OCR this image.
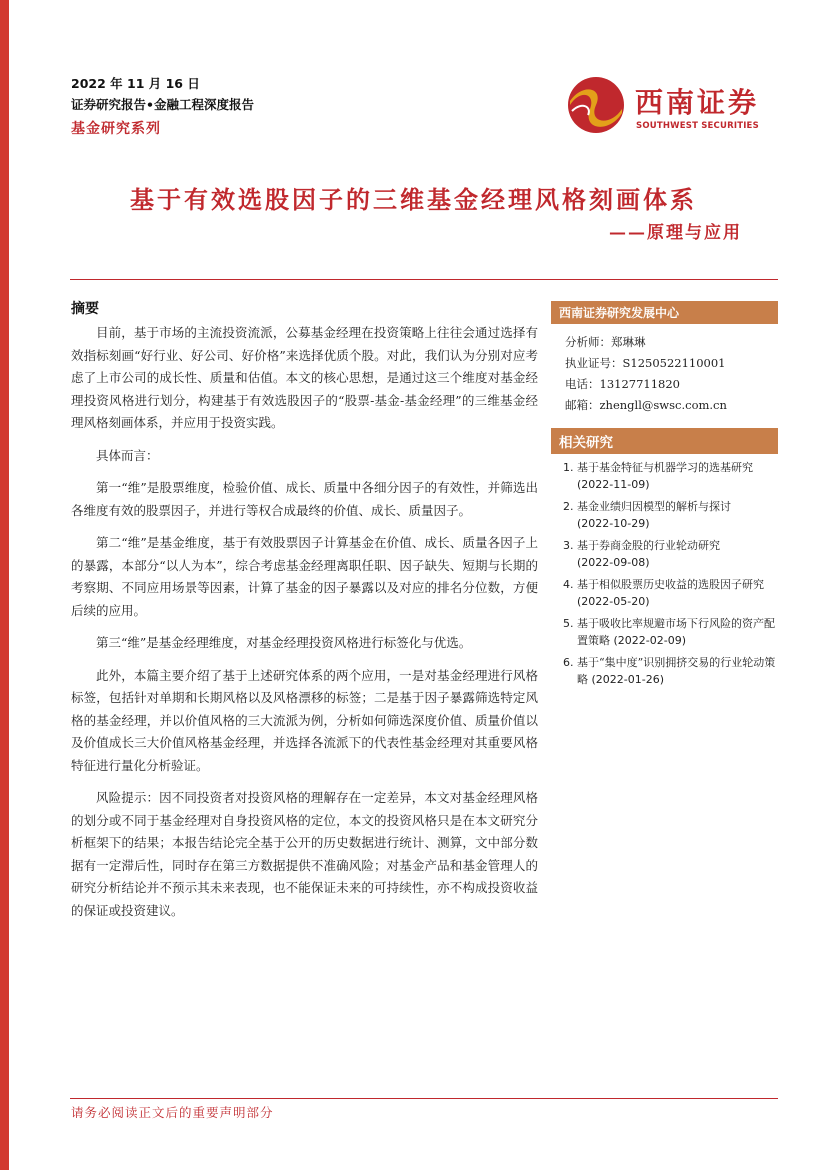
2022 年 11 月 16 日
证券研究报告•金融工程深度报告
基金研究系列
西南证券
SOUTHWEST SECURITIES
基于有效选股因子的三维基金经理风格刻画体系
——原理与应用
摘要

目前，基于市场的主流投资流派，公募基金经理在投资策略上往往会通过选择有效指标刻画“好行业、好公司、好价格”来选择优质个股。对此，我们认为分别对应考虑了上市公司的成长性、质量和估值。本文的核心思想，是通过这三个维度对基金经理投资风格进行划分，构建基于有效选股因子的“股票-基金-基金经理”的三维基金经理风格刻画体系，并应用于投资实践。

具体而言：

第一“维”是股票维度，检验价值、成长、质量中各细分因子的有效性，并筛选出各维度有效的股票因子，并进行等权合成最终的价值、成长、质量因子。

第二“维”是基金维度，基于有效股票因子计算基金在价值、成长、质量各因子上的暴露，本部分“以人为本”，综合考虑基金经理离职任职、因子缺失、短期与长期的考察期、不同应用场景等因素，计算了基金的因子暴露以及对应的排名分位数，方便后续的应用。

第三“维”是基金经理维度，对基金经理投资风格进行标签化与优选。

此外，本篇主要介绍了基于上述研究体系的两个应用，一是对基金经理进行风格标签，包括针对单期和长期风格以及风格漂移的标签；二是基于因子暴露筛选特定风格的基金经理，并以价值风格的三大流派为例，分析如何筛选深度价值、质量价值以及价值成长三大价值风格基金经理，并选择各流派下的代表性基金经理对其重要风格特征进行量化分析验证。

风险提示：因不同投资者对投资风格的理解存在一定差异，本文对基金经理风格的划分或不同于基金经理对自身投资风格的定位，本文的投资风格只是在本文研究分析框架下的结果；本报告结论完全基于公开的历史数据进行统计、测算，文中部分数据有一定滞后性，同时存在第三方数据提供不准确风险；对基金产品和基金管理人的研究分析结论并不预示其未来表现，也不能保证未来的可持续性，亦不构成投资收益的保证或投资建议。

西南证券研究发展中心
分析师：郑琳琳
执业证号：S1250522110001
电话：13127711820
邮箱：zhengll@swsc.com.cn
相关研究
1. 基于基金特征与机器学习的选基研究
(2022-11-09)
2. 基金业绩归因模型的解析与探讨
(2022-10-29)
3. 基于券商金股的行业轮动研究
(2022-09-08)
4. 基于相似股票历史收益的选股因子研究
(2022-05-20)
5. 基于吸收比率规避市场下行风险的资产配置策略 (2022-02-09)
6. 基于“集中度”识别拥挤交易的行业轮动策略 (2022-01-26)
请务必阅读正文后的重要声明部分
